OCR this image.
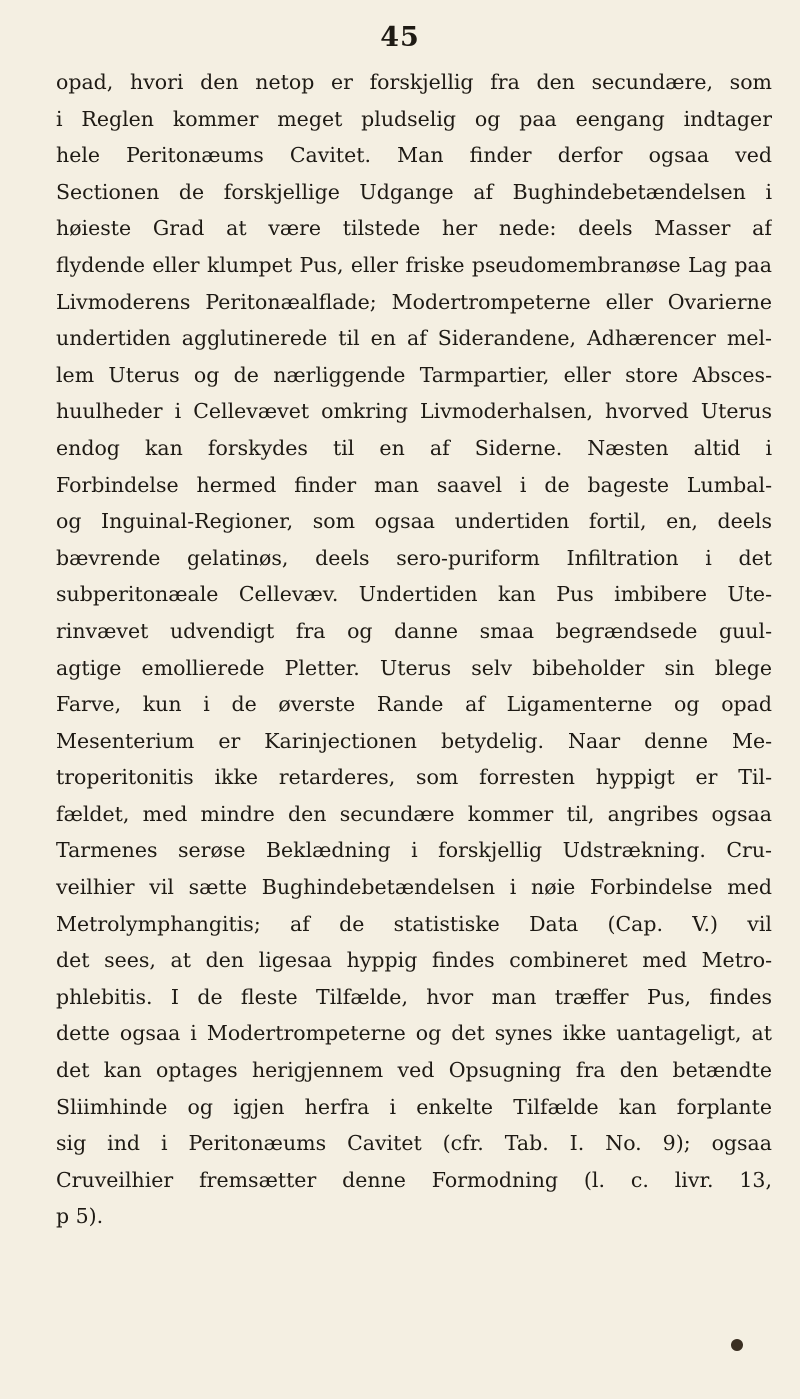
45
opad, hvori den netop er forskjellig fra den secundære, som
i Reglen kommer meget pludselig og paa eengang indtager
hele Peritonæums Cavitet. Man finder derfor ogsaa ved
Sectionen de forskjellige Udgange af Bughindebetændelsen i
høieste Grad at være tilstede her nede: deels Masser af
flydende eller klumpet Pus, eller friske pseudomembranøse Lag paa
Livmoderens Peritonæalflade; Modertrompeterne eller Ovarierne
undertiden agglutinerede til en af Siderandene, Adhærencer mel-
lem Uterus og de nærliggende Tarmpartier, eller store Absces-
huulheder i Cellevævet omkring Livmoderhalsen, hvorved Uterus
endog kan forskydes til en af Siderne. Næsten altid i
Forbindelse hermed finder man saavel i de bageste Lumbal-
og Inguinal-Regioner, som ogsaa undertiden fortil, en, deels
bævrende gelatinøs, deels sero-puriform Infiltration i det
subperitonæale Cellevæv. Undertiden kan Pus imbibere Ute-
rinvævet udvendigt fra og danne smaa begrændsede guul-
agtige emollierede Pletter. Uterus selv bibeholder sin blege
Farve, kun i de øverste Rande af Ligamenterne og opad
Mesenterium er Karinjectionen betydelig. Naar denne Me-
troperitonitis ikke retarderes, som forresten hyppigt er Til-
fældet, med mindre den secundære kommer til, angribes ogsaa
Tarmenes serøse Beklædning i forskjellig Udstrækning. Cru-
veilhier vil sætte Bughindebetændelsen i nøie Forbindelse med
Metrolymphangitis; af de statistiske Data (Cap. V.) vil
det sees, at den ligesaa hyppig findes combineret med Metro-
phlebitis. I de fleste Tilfælde, hvor man træffer Pus, findes
dette ogsaa i Modertrompeterne og det synes ikke uantageligt, at
det kan optages herigjennem ved Opsugning fra den betændte
Sliimhinde og igjen herfra i enkelte Tilfælde kan forplante
sig ind i Peritonæums Cavitet (cfr. Tab. I. No. 9); ogsaa
Cruveilhier fremsætter denne Formodning (l. c. livr. 13,
p 5).
